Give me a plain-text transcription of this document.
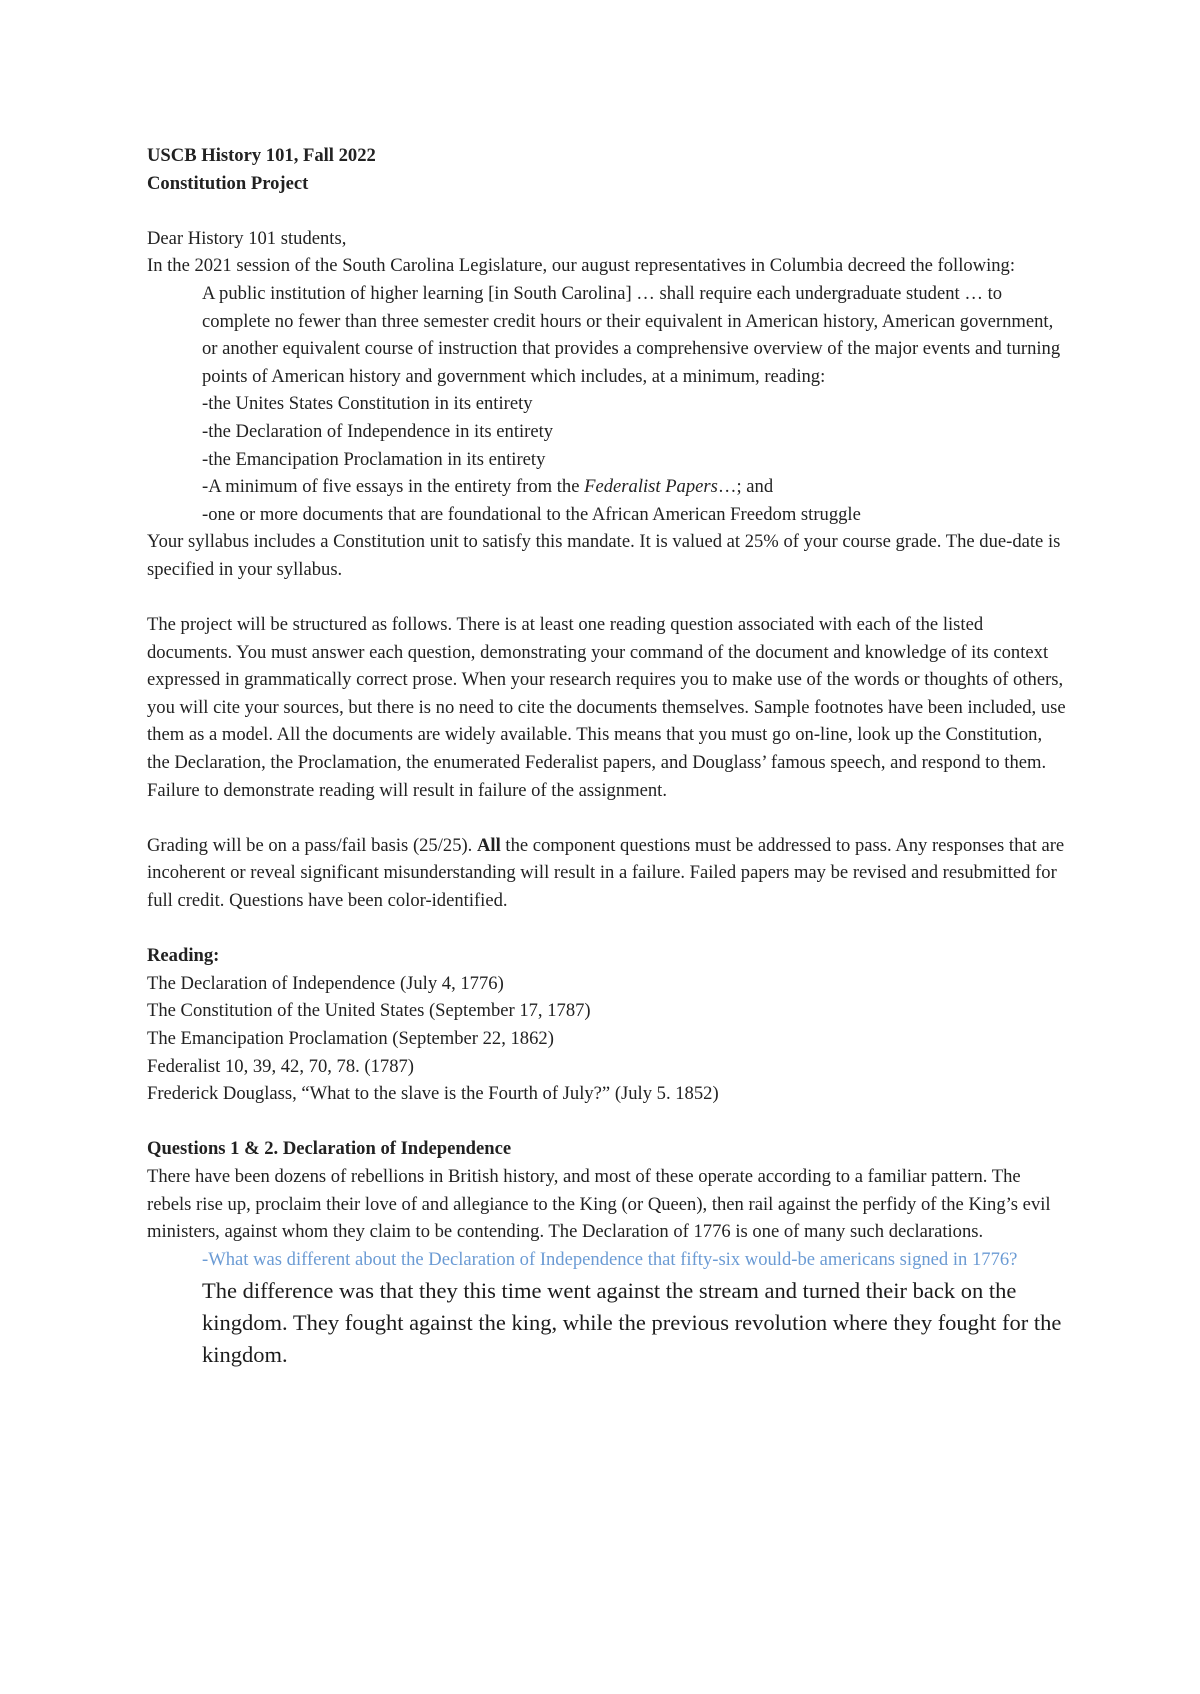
USCB History 101, Fall 2022
Constitution Project
Dear History 101 students,
In the 2021 session of the South Carolina Legislature, our august representatives in Columbia decreed the following:
A public institution of higher learning [in South Carolina] … shall require each undergraduate student … to complete no fewer than three semester credit hours or their equivalent in American history, American government, or another equivalent course of instruction that provides a comprehensive overview of the major events and turning points of American history and government which includes, at a minimum, reading:
-the Unites States Constitution in its entirety
-the Declaration of Independence in its entirety
-the Emancipation Proclamation in its entirety
-A minimum of five essays in the entirety from the Federalist Papers…; and
-one or more documents that are foundational to the African American Freedom struggle
Your syllabus includes a Constitution unit to satisfy this mandate. It is valued at 25% of your course grade. The due-date is specified in your syllabus.
The project will be structured as follows. There is at least one reading question associated with each of the listed documents. You must answer each question, demonstrating your command of the document and knowledge of its context expressed in grammatically correct prose. When your research requires you to make use of the words or thoughts of others, you will cite your sources, but there is no need to cite the documents themselves. Sample footnotes have been included, use them as a model. All the documents are widely available. This means that you must go on-line, look up the Constitution, the Declaration, the Proclamation, the enumerated Federalist papers, and Douglass’ famous speech, and respond to them. Failure to demonstrate reading will result in failure of the assignment.
Grading will be on a pass/fail basis (25/25). All the component questions must be addressed to pass. Any responses that are incoherent or reveal significant misunderstanding will result in a failure. Failed papers may be revised and resubmitted for full credit. Questions have been color-identified.
Reading:
The Declaration of Independence (July 4, 1776)
The Constitution of the United States (September 17, 1787)
The Emancipation Proclamation (September 22, 1862)
Federalist 10, 39, 42, 70, 78. (1787)
Frederick Douglass, “What to the slave is the Fourth of July?” (July 5. 1852)
Questions 1 & 2. Declaration of Independence
There have been dozens of rebellions in British history, and most of these operate according to a familiar pattern. The rebels rise up, proclaim their love of and allegiance to the King (or Queen), then rail against the perfidy of the King’s evil ministers, against whom they claim to be contending. The Declaration of 1776 is one of many such declarations.
-What was different about the Declaration of Independence that fifty-six would-be americans signed in 1776?
The difference was that they this time went against the stream and turned their back on the kingdom. They fought against the king, while the previous revolution where they fought for the kingdom.
